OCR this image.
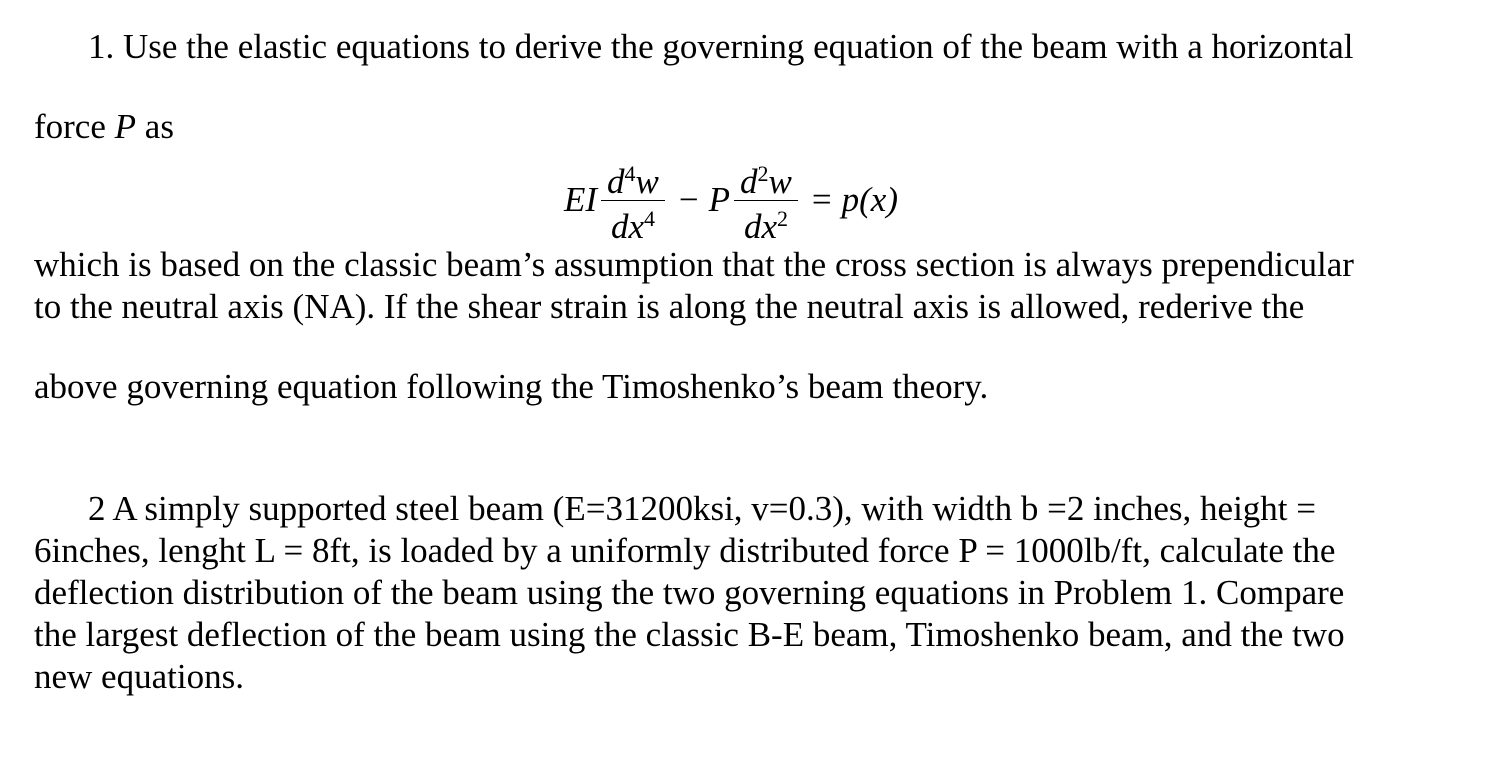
1. Use the elastic equations to derive the governing equation of the beam with a horizontal
force P as
EI $\frac{d^4w}{dx^4} - P \frac{d^2w}{dx^2} = p(x)$
which is based on the classic beam’s assumption that the cross section is always prependicular
to the neutral axis (NA). If the shear strain is along the neutral axis is allowed, rederive the
above governing equation following the Timoshenko’s beam theory.
2 A simply supported steel beam (E=31200ksi, v=0.3), with width b =2 inches, height =
6inches, lenght L = 8ft, is loaded by a uniformly distributed force P = 1000lb/ft, calculate the
deflection distribution of the beam using the two governing equations in Problem 1. Compare
the largest deflection of the beam using the classic B-E beam, Timoshenko beam, and the two
new equations.
